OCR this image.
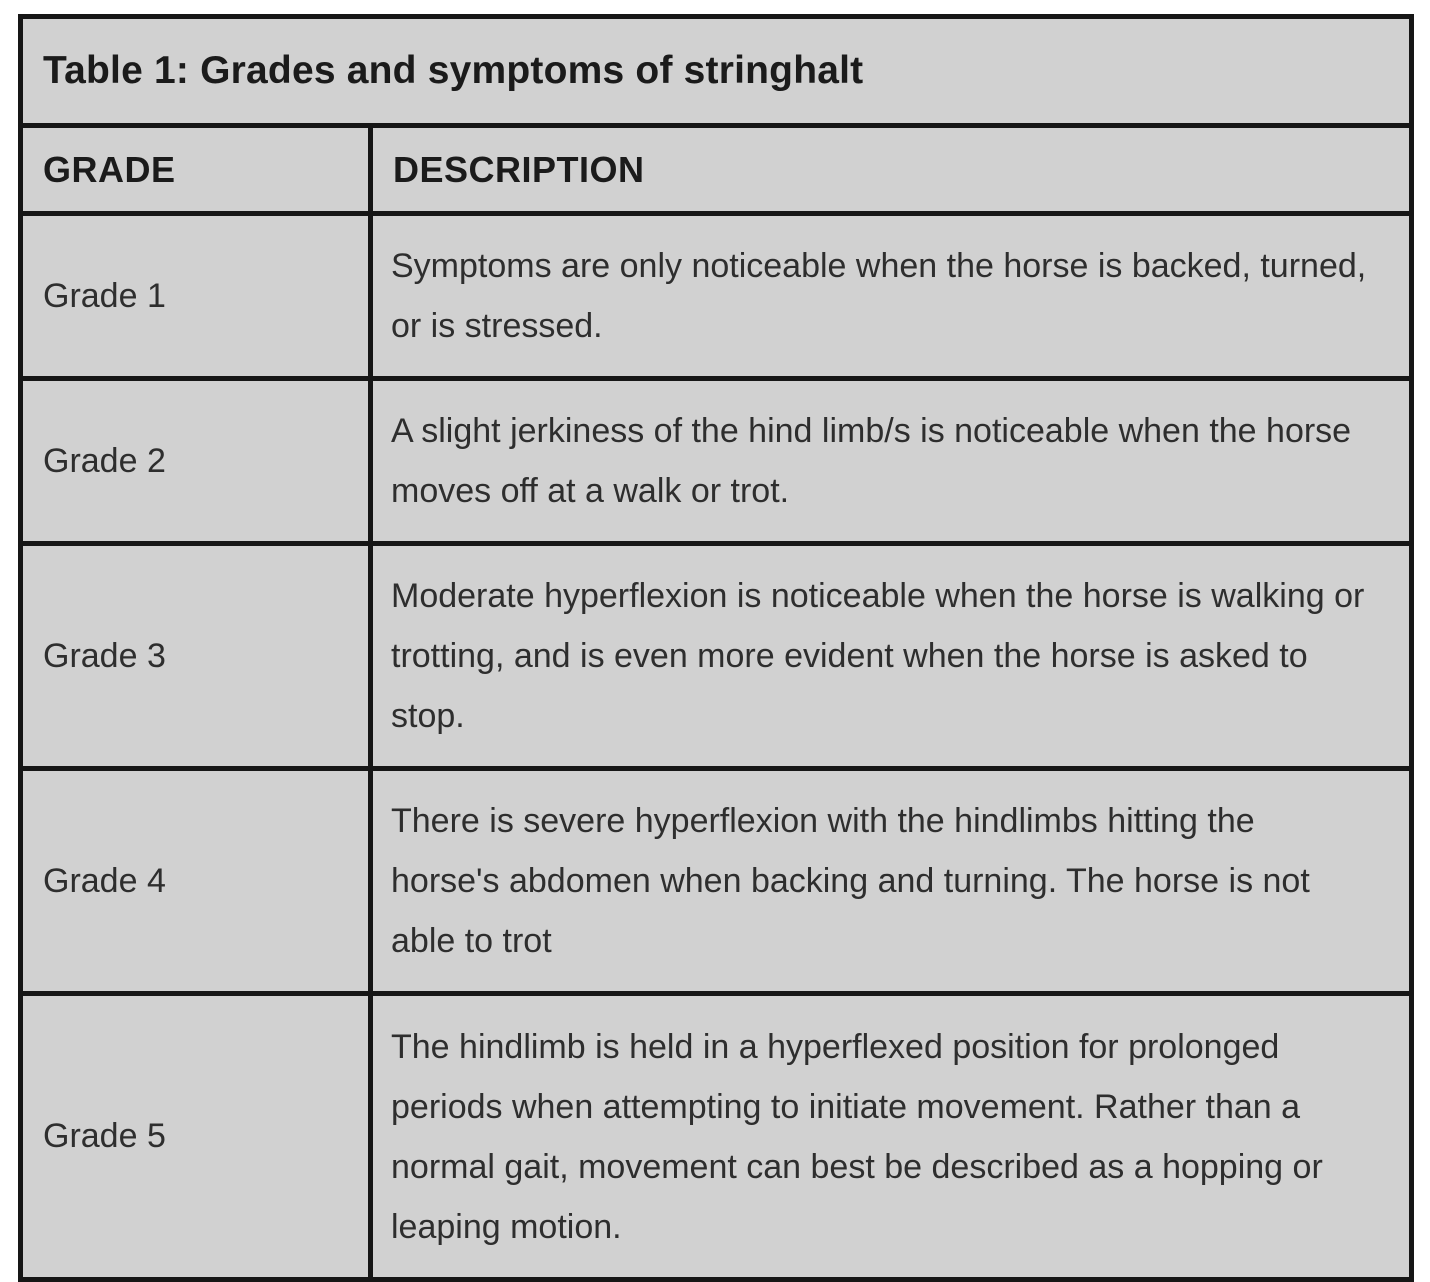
Table 1: Grades and symptoms of stringhalt	
GRADE	DESCRIPTION
Grade 1	Symptoms are only noticeable when the horse is backed, turned, or is stressed.
Grade 2	A slight jerkiness of the hind limb/s is noticeable when the horse moves off at a walk or trot.
Grade 3	Moderate hyperflexion is noticeable when the horse is walking or trotting, and is even more evident when the horse is asked to stop.
Grade 4	There is severe hyperflexion with the hindlimbs hitting the horse's abdomen when backing and turning. The horse is not able to trot
Grade 5	The hindlimb is held in a hyperflexed position for prolonged periods when attempting to initiate movement. Rather than a normal gait, movement can best be described as a hopping or leaping motion.
